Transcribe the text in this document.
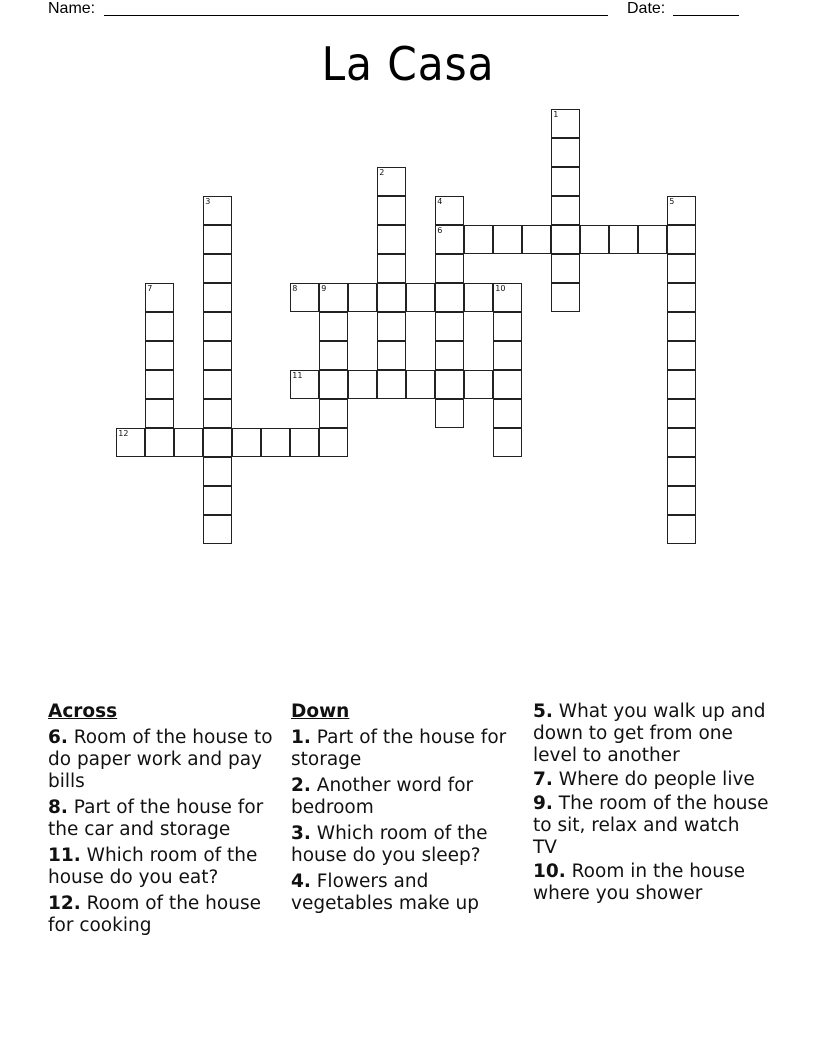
Name:	Date:
La Casa
1
2
3	4
6
5
7	8	9	10
11
12
Across
6. Room of the house to do paper work and pay bills
8. Part of the house for the car and storage
11. Which room of the house do you eat?
12. Room of the house for cooking
Down
1. Part of the house for storage
2. Another word for bedroom
3. Which room of the house do you sleep?
4. Flowers and vegetables make up
5. What you walk up and down to get from one level to another
7. Where do people live
9. The room of the house to sit, relax and watch TV
10. Room in the house where you shower
